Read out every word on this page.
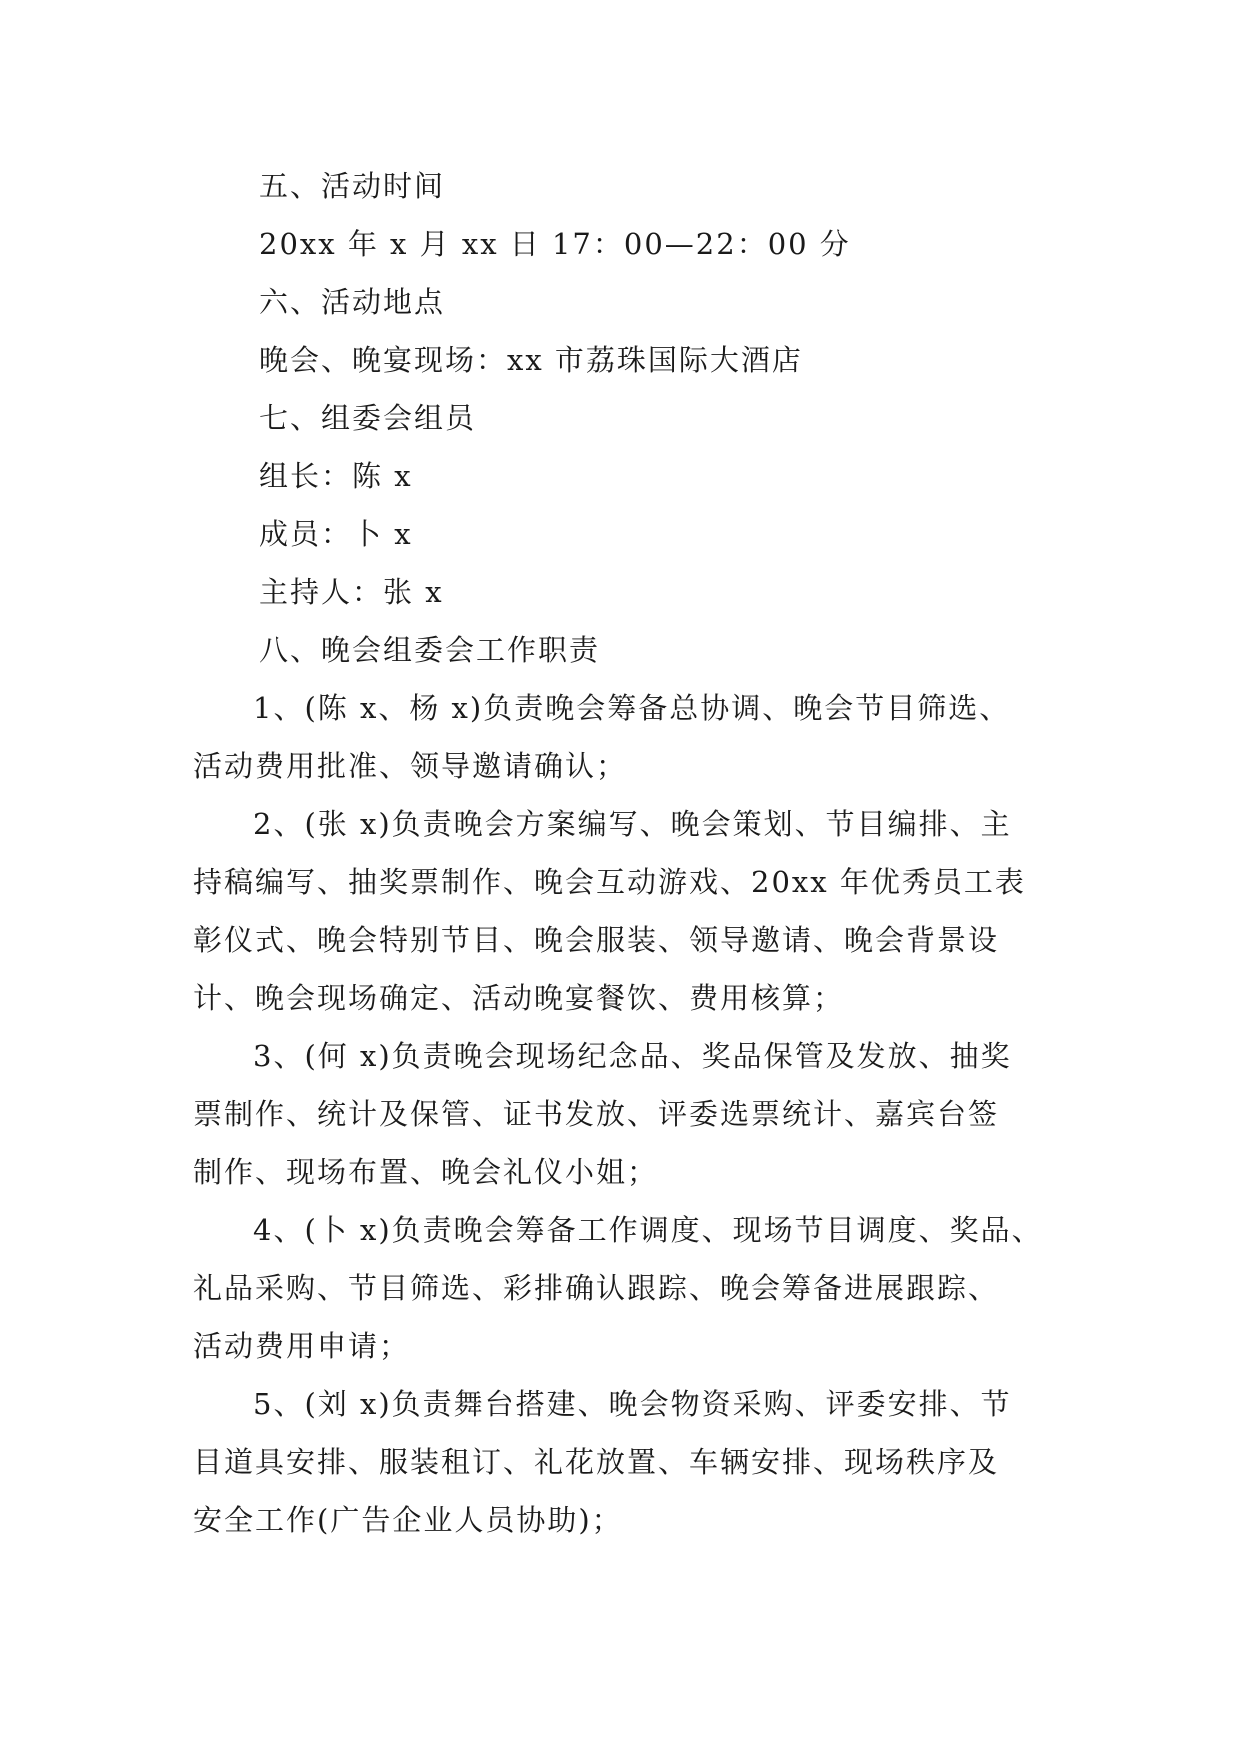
五、活动时间
20xx 年 x 月 xx 日 17：00—22：00 分
六、活动地点
晚会、晚宴现场：xx 市荔珠国际大酒店
七、组委会组员
组长：陈 x
成员：卜 x
主持人：张 x
八、晚会组委会工作职责
1、(陈 x、杨 x)负责晚会筹备总协调、晚会节目筛选、
活动费用批准、领导邀请确认；
2、(张 x)负责晚会方案编写、晚会策划、节目编排、主
持稿编写、抽奖票制作、晚会互动游戏、20xx 年优秀员工表
彰仪式、晚会特别节目、晚会服装、领导邀请、晚会背景设
计、晚会现场确定、活动晚宴餐饮、费用核算；
3、(何 x)负责晚会现场纪念品、奖品保管及发放、抽奖
票制作、统计及保管、证书发放、评委选票统计、嘉宾台签
制作、现场布置、晚会礼仪小姐；
4、(卜 x)负责晚会筹备工作调度、现场节目调度、奖品、
礼品采购、节目筛选、彩排确认跟踪、晚会筹备进展跟踪、
活动费用申请；
5、(刘 x)负责舞台搭建、晚会物资采购、评委安排、节
目道具安排、服装租订、礼花放置、车辆安排、现场秩序及
安全工作(广告企业人员协助)；
